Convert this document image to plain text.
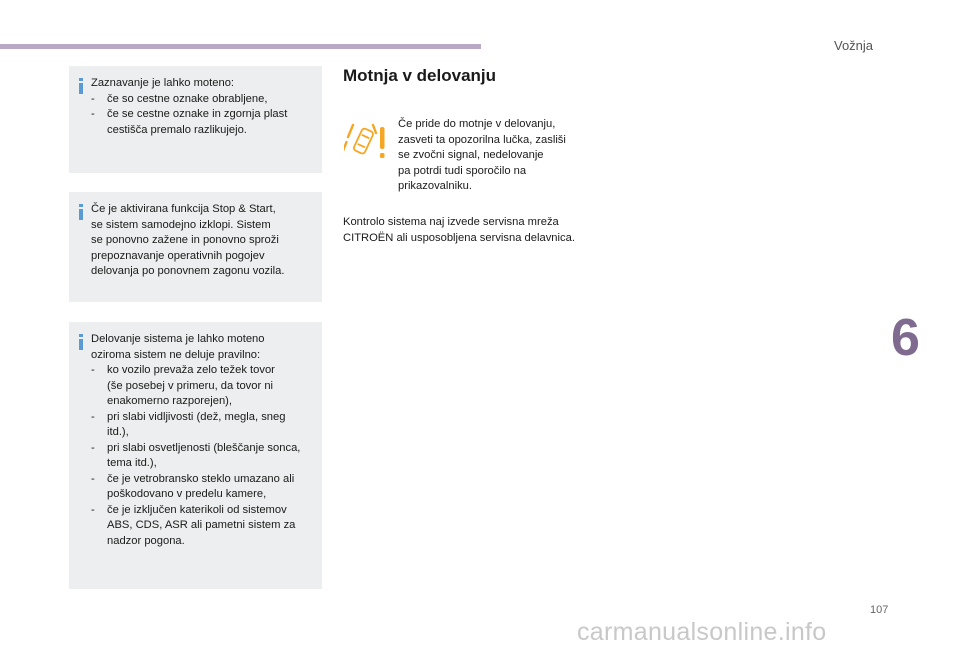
Vožnja
Zaznavanje je lahko moteno:
- če so cestne oznake obrabljene,
- če se cestne oznake in zgornja plast
cestišča premalo razlikujejo.
Če je aktivirana funkcija Stop & Start,
se sistem samodejno izklopi. Sistem
se ponovno zažene in ponovno sproži
prepoznavanje operativnih pogojev
delovanja po ponovnem zagonu vozila.
Delovanje sistema je lahko moteno
oziroma sistem ne deluje pravilno:
- ko vozilo prevaža zelo težek tovor
(še posebej v primeru, da tovor ni
enakomerno razporejen),
- pri slabi vidljivosti (dež, megla, sneg
itd.),
- pri slabi osvetljenosti (bleščanje sonca,
tema itd.),
- če je vetrobransko steklo umazano ali
poškodovano v predelu kamere,
- če je izključen katerikoli od sistemov
ABS, CDS, ASR ali pametni sistem za
nadzor pogona.
Motnja v delovanju
Če pride do motnje v delovanju,
zasveti ta opozorilna lučka, zasliši
se zvočni signal, nedelovanje
pa potrdi tudi sporočilo na
prikazovalniku.
Kontrolo sistema naj izvede servisna mreža
CITROËN ali usposobljena servisna delavnica.
6
107
carmanualsonline.info
